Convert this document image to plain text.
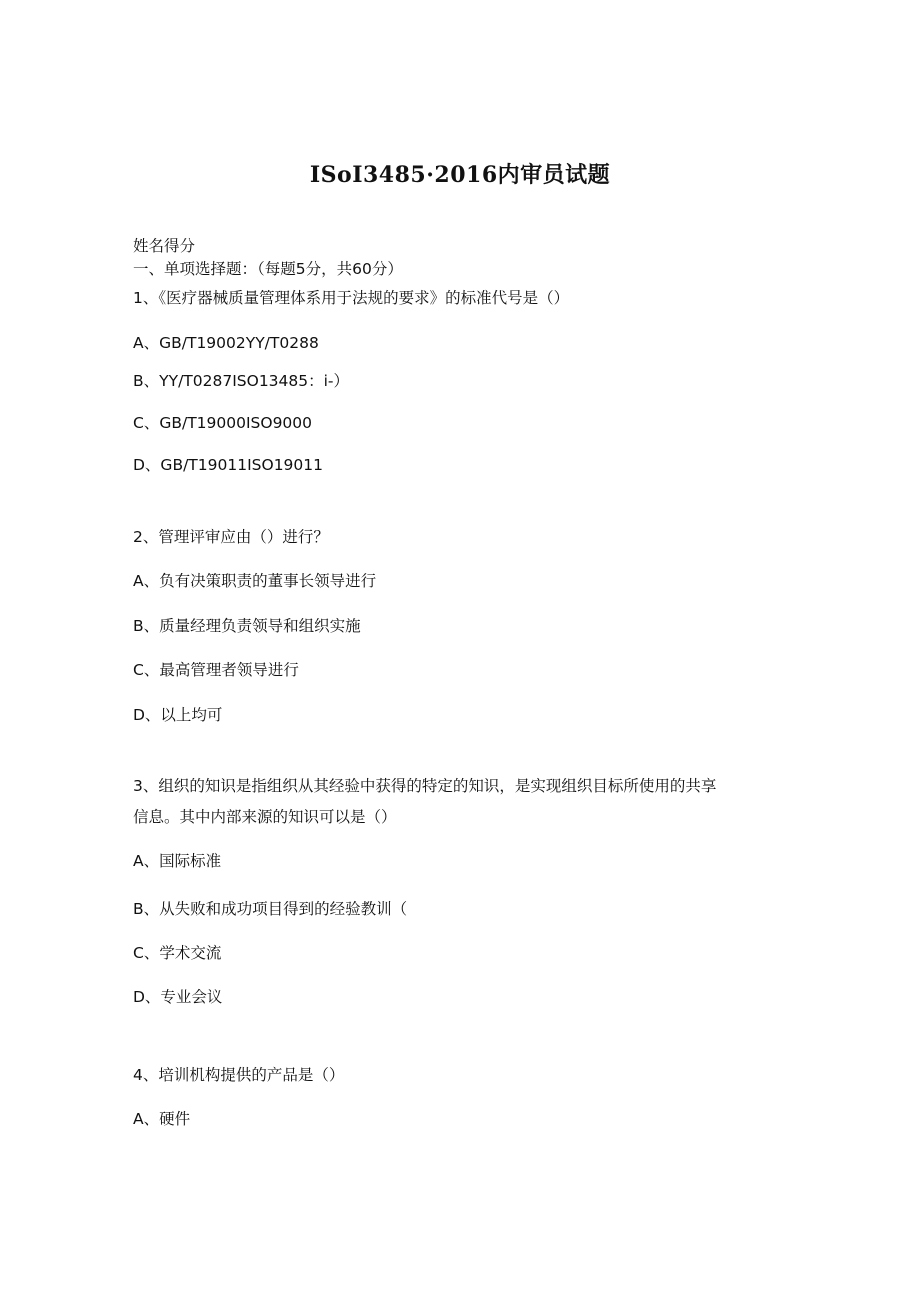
ISoI3485·2016内审员试题
姓名得分
一、单项选择题：（每题5分，共60分）
1、《医疗器械质量管理体系用于法规的要求》的标准代号是（）
A、GB/T19002YY/T0288
B、YY/T0287ISO13485：i-）
C、GB/T19000ISO9000
D、GB/T19011ISO19011
2、管理评审应由（）进行？
A、负有决策职责的董事长领导进行
B、质量经理负责领导和组织实施
C、最高管理者领导进行
D、以上均可
3、组织的知识是指组织从其经验中获得的特定的知识，是实现组织目标所使用的共享
信息。其中内部来源的知识可以是（）
A、国际标准
B、从失败和成功项目得到的经验教训（
C、学术交流
D、专业会议
4、培训机构提供的产品是（）
A、硬件
